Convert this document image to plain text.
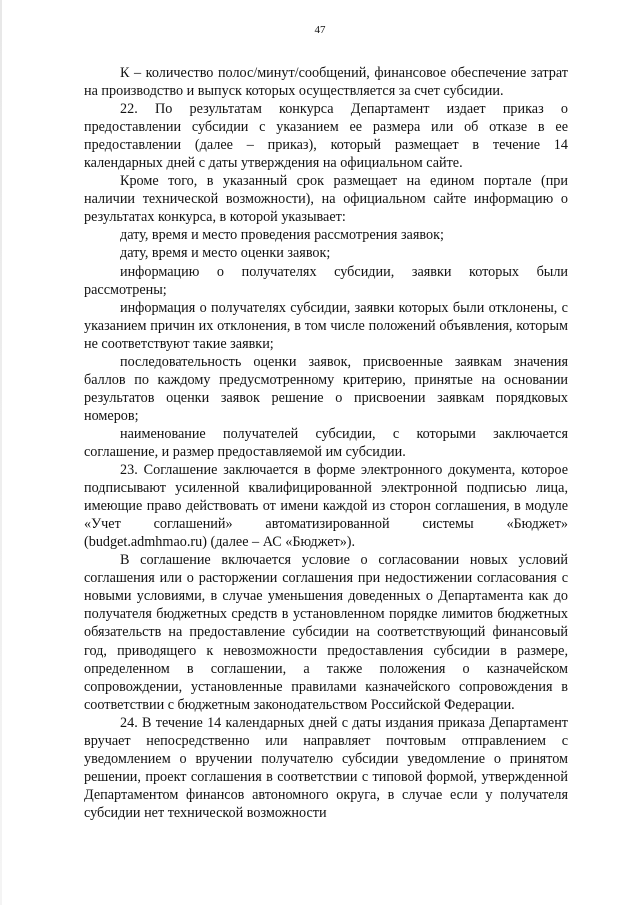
47

К – количество полос/минут/сообщений, финансовое обеспечение затрат на производство и выпуск которых осуществляется за счет субсидии.

22. По результатам конкурса Департамент издает приказ о предоставлении субсидии с указанием ее размера или об отказе в ее предоставлении (далее – приказ), который размещает в течение 14 календарных дней с даты утверждения на официальном сайте.

Кроме того, в указанный срок размещает на едином портале (при наличии технической возможности), на официальном сайте информацию о результатах конкурса, в которой указывает:

дату, время и место проведения рассмотрения заявок;

дату, время и место оценки заявок;

информацию о получателях субсидии, заявки которых были рассмотрены;

информация о получателях субсидии, заявки которых были отклонены, с указанием причин их отклонения, в том числе положений объявления, которым не соответствуют такие заявки;

последовательность оценки заявок, присвоенные заявкам значения баллов по каждому предусмотренному критерию, принятые на основании результатов оценки заявок решение о присвоении заявкам порядковых номеров;

наименование получателей субсидии, с которыми заключается соглашение, и размер предоставляемой им субсидии.

23. Соглашение заключается в форме электронного документа, которое подписывают усиленной квалифицированной электронной подписью лица, имеющие право действовать от имени каждой из сторон соглашения, в модуле «Учет соглашений» автоматизированной системы «Бюджет» (budget.admhmao.ru) (далее – АС «Бюджет»).

В соглашение включается условие о согласовании новых условий соглашения или о расторжении соглашения при недостижении согласования с новыми условиями, в случае уменьшения доведенных о Департамента как до получателя бюджетных средств в установленном порядке лимитов бюджетных обязательств на предоставление субсидии на соответствующий финансовый год, приводящего к невозможности предоставления субсидии в размере, определенном в соглашении, а также положения о казначейском сопровождении, установленные правилами казначейского сопровождения в соответствии с бюджетным законодательством Российской Федерации.

24. В течение 14 календарных дней с даты издания приказа Департамент вручает непосредственно или направляет почтовым отправлением с уведомлением о вручении получателю субсидии уведомление о принятом решении, проект соглашения в соответствии с типовой формой, утвержденной Департаментом финансов автономного округа, в случае если у получателя субсидии нет технической возможности
